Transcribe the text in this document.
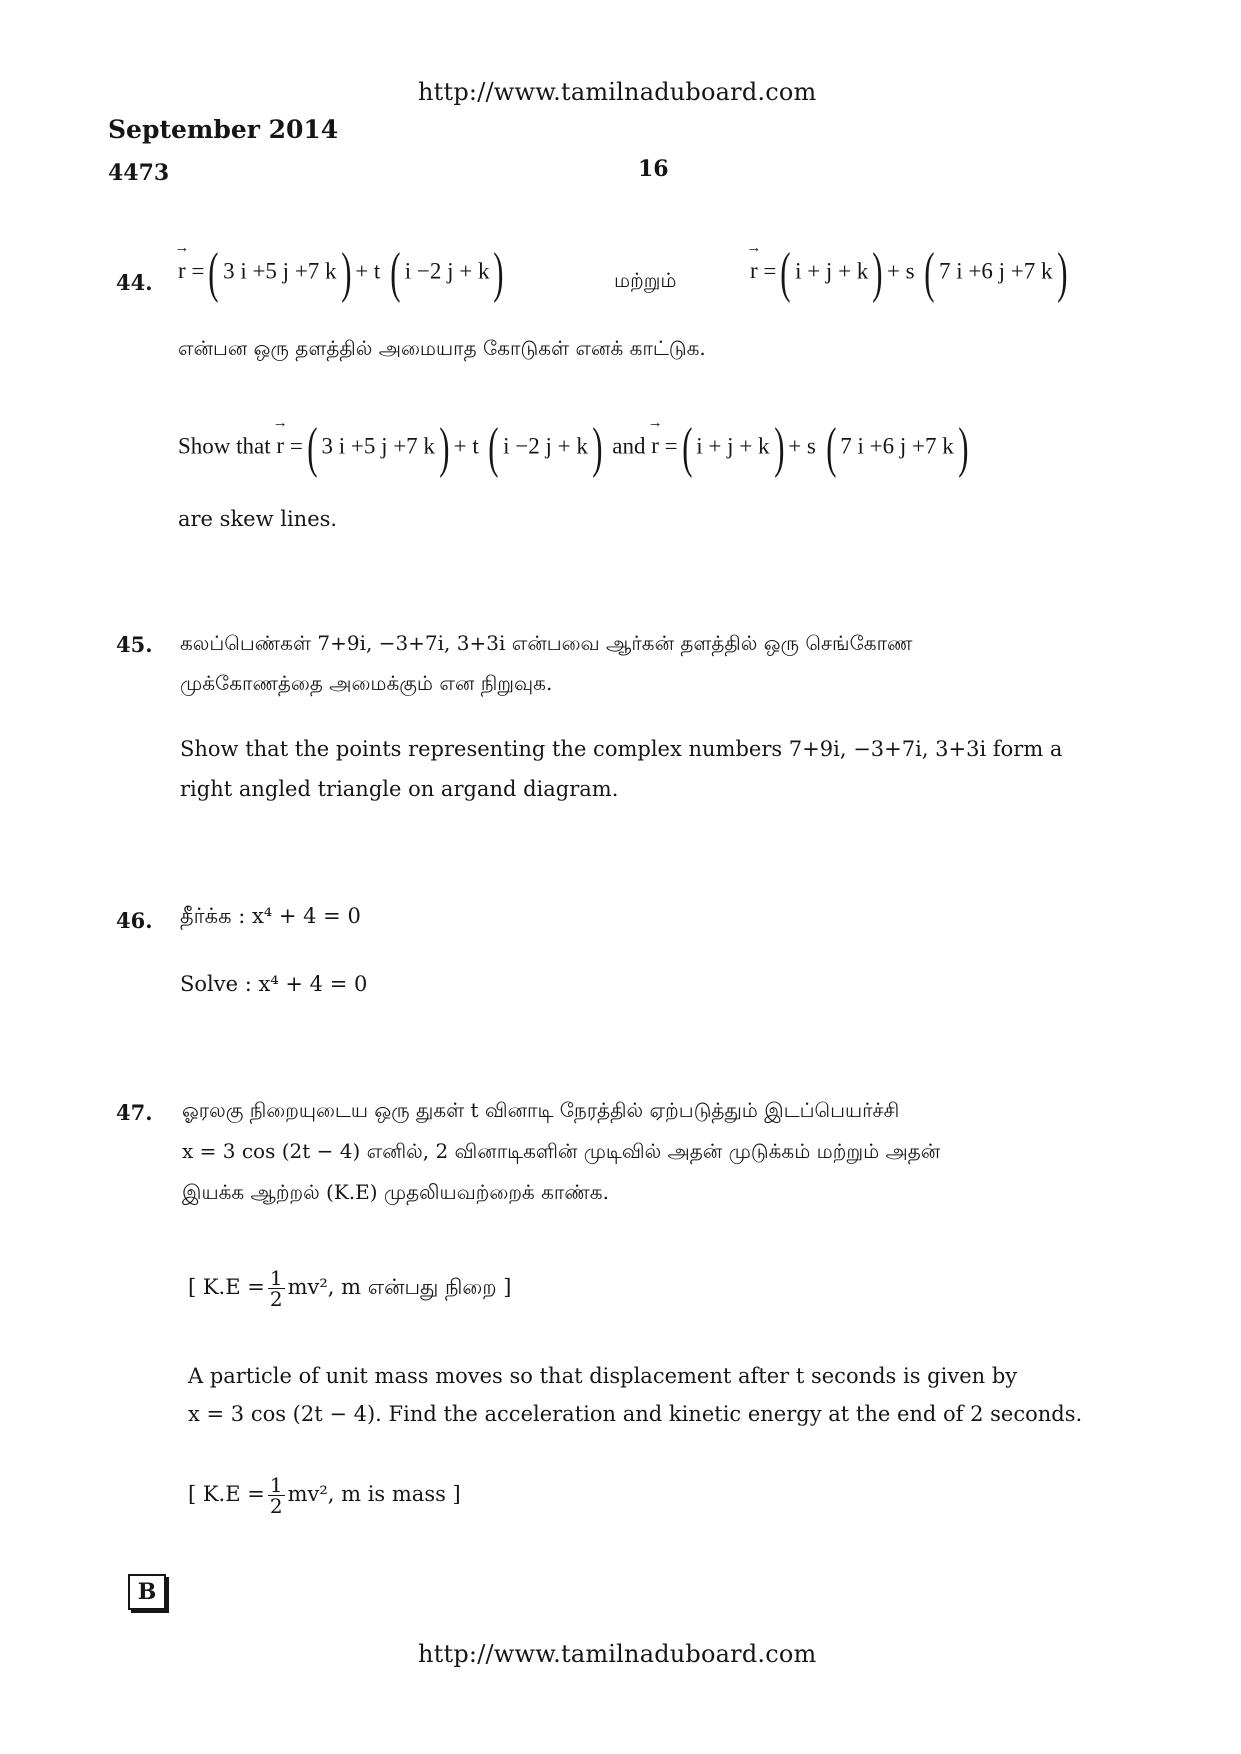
http://www.tamilnaduboard.com
September 2014
4473	16
44. → r =( 3 i +5 j +7 k) + t ( i −2 j + k)	மற்றும்	→ r =( i + j + k) + s ( 7 i +6 j +7 k)
என்பன ஒரு தளத்தில் அமையாத கோடுகள் எனக் காட்டுக.
Show that → r =( 3 i +5 j +7 k) + t ( i −2 j + k) and → r =( i + j + k) + s ( 7 i +6 j +7 k)
are skew lines.
45. கலப்பெண்கள் 7+9i, −3+7i, 3+3i என்பவை ஆர்கன் தளத்தில் ஒரு செங்கோண
முக்கோணத்தை அமைக்கும் என நிறுவுக.
Show that the points representing the complex numbers 7+9i, −3+7i, 3+3i form a
right angled triangle on argand diagram.
46. தீர்க்க : x⁴ + 4 = 0
Solve : x⁴ + 4 = 0
47. ஓரலகு நிறையுடைய ஒரு துகள் t வினாடி நேரத்தில் ஏற்படுத்தும் இடப்பெயர்ச்சி
x = 3 cos (2t − 4) எனில், 2 வினாடிகளின் முடிவில் அதன் முடுக்கம் மற்றும் அதன்
இயக்க ஆற்றல் (K.E) முதலியவற்றைக் காண்க.
[ $K.E = \frac{1}{2} mv^2$, m என்பது நிறை ]
A particle of unit mass moves so that displacement after t seconds is given by
x = 3 cos (2t − 4). Find the acceleration and kinetic energy at the end of 2 seconds.
[ $K.E = \frac{1}{2} mv^2$, m is mass ]
B
http://www.tamilnaduboard.com
